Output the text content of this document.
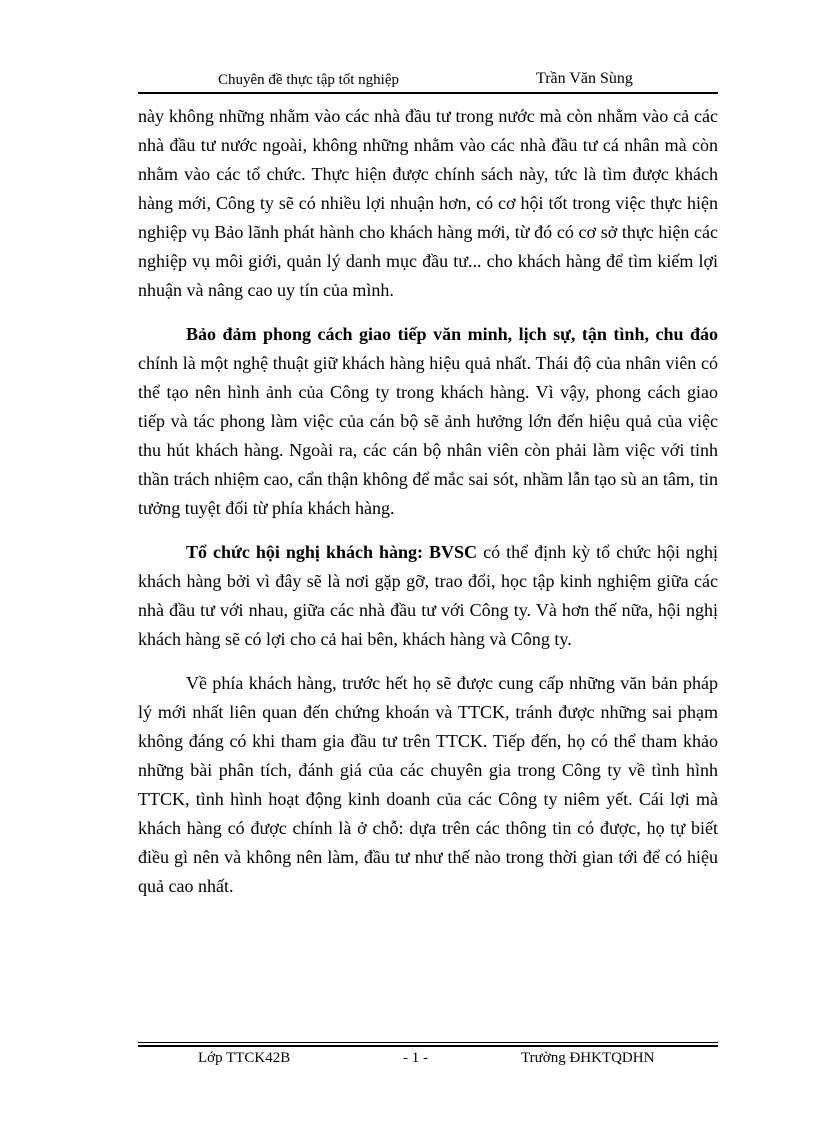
Chuyên đề thực tập tốt nghiệp	Trần Văn Sùng

này không những nhằm vào các nhà đầu tư trong nước mà còn nhằm vào cả các nhà đầu tư nước ngoài, không những nhằm vào các nhà đầu tư cá nhân mà còn nhằm vào các tổ chức. Thực hiện được chính sách này, tức là tìm được khách hàng mới, Công ty sẽ có nhiều lợi nhuận hơn, có cơ hội tốt trong việc thực hiện nghiệp vụ Bảo lãnh phát hành cho khách hàng mới, từ đó có cơ sở thực hiện các nghiệp vụ môi giới, quản lý danh mục đầu tư... cho khách hàng để tìm kiếm lợi nhuận và nâng cao uy tín của mình.

Bảo đảm phong cách giao tiếp văn minh, lịch sự, tận tình, chu đáo chính là một nghệ thuật giữ khách hàng hiệu quả nhất. Thái độ của nhân viên có thể tạo nên hình ảnh của Công ty trong khách hàng. Vì vậy, phong cách giao tiếp và tác phong làm việc của cán bộ sẽ ảnh hưởng lớn đến hiệu quả của việc thu hút khách hàng. Ngoài ra, các cán bộ nhân viên còn phải làm việc với tinh thần trách nhiệm cao, cẩn thận không để mắc sai sót, nhầm lẫn tạo sù an tâm, tin tưởng tuyệt đối từ phía khách hàng.

Tổ chức hội nghị khách hàng: BVSC có thể định kỳ tổ chức hội nghị khách hàng bởi vì đây sẽ là nơi gặp gỡ, trao đổi, học tập kinh nghiệm giữa các nhà đầu tư với nhau, giữa các nhà đầu tư với Công ty. Và hơn thế nữa, hội nghị khách hàng sẽ có lợi cho cả hai bên, khách hàng và Công ty.

Về phía khách hàng, trước hết họ sẽ được cung cấp những văn bản pháp lý mới nhất liên quan đến chứng khoán và TTCK, tránh được những sai phạm không đáng có khi tham gia đầu tư trên TTCK. Tiếp đến, họ có thể tham khảo những bài phân tích, đánh giá của các chuyên gia trong Công ty về tình hình TTCK, tình hình hoạt động kinh doanh của các Công ty niêm yết. Cái lợi mà khách hàng có được chính là ở chỗ: dựa trên các thông tin có được, họ tự biết điều gì nên và không nên làm, đầu tư như thế nào trong thời gian tới để có hiệu quả cao nhất.

Lớp TTCK42B	- 1 -	Trường ĐHKTQDHN
